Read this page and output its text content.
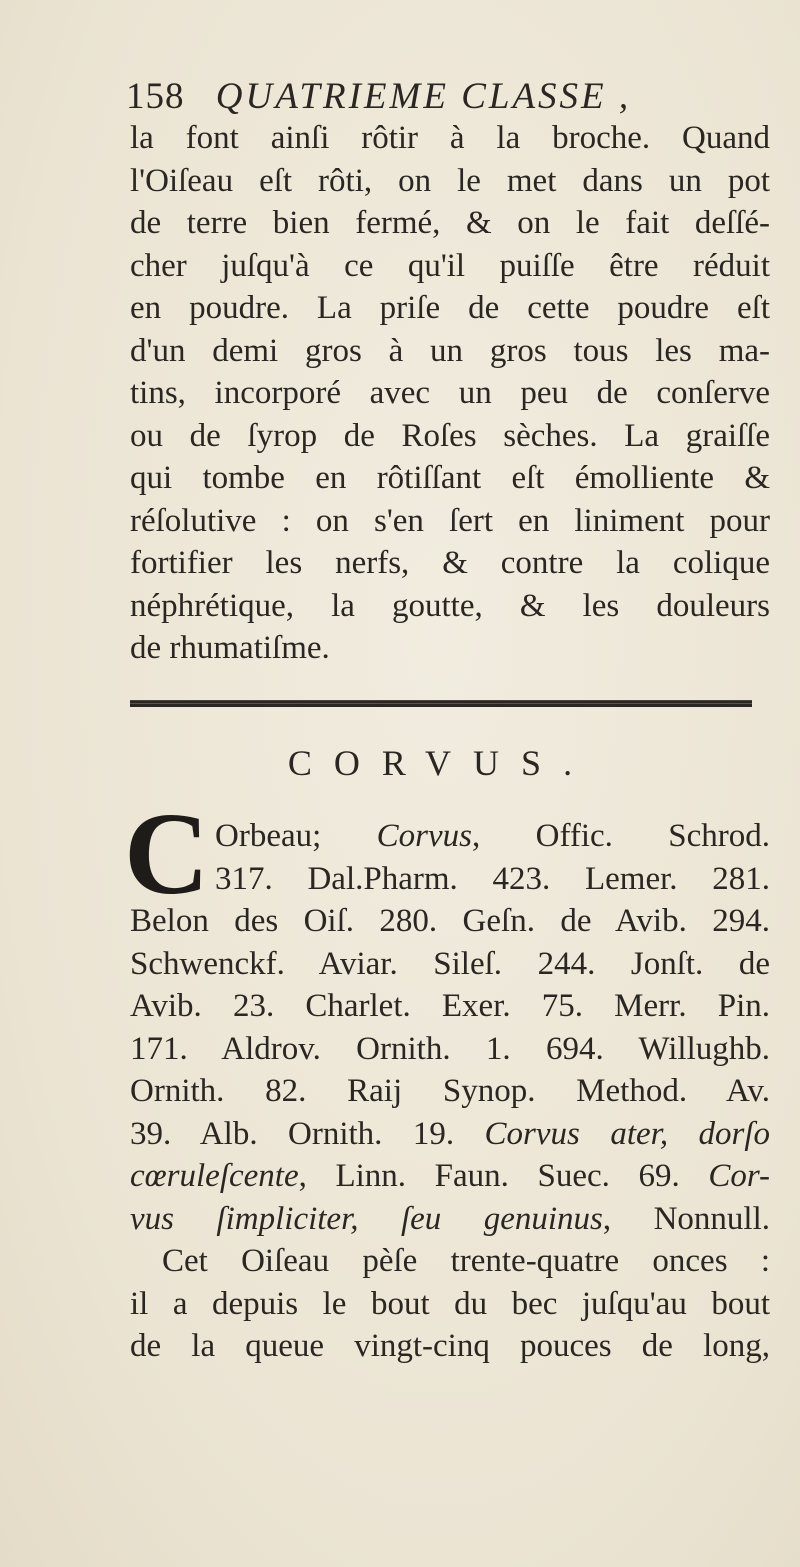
158 QUATRIEME CLASSE ,
la font ainſi rôtir à la broche. Quand
l'Oiſeau eſt rôti, on le met dans un pot
de terre bien fermé, & on le fait deſſé-
cher juſqu'à ce qu'il puiſſe être réduit
en poudre. La priſe de cette poudre eſt
d'un demi gros à un gros tous les ma-
tins, incorporé avec un peu de conſerve
ou de ſyrop de Roſes sèches. La graiſſe
qui tombe en rôtiſſant eſt émolliente &
réſolutive : on s'en ſert en liniment pour
fortifier les nerfs, & contre la colique
néphrétique, la goutte, & les douleurs
de rhumatiſme.
CORVUS.
C Orbeau; Corvus, Offic. Schrod.
317. Dal.Pharm. 423. Lemer. 281.
Belon des Oiſ. 280. Geſn. de Avib. 294.
Schwenckf. Aviar. Sileſ. 244. Jonſt. de
Avib. 23. Charlet. Exer. 75. Merr. Pin.
171. Aldrov. Ornith. 1. 694. Willughb.
Ornith. 82. Raij Synop. Method. Av.
39. Alb. Ornith. 19. Corvus ater, dorſo
cœruleſcente, Linn. Faun. Suec. 69. Cor-
vus ſimpliciter, ſeu genuinus, Nonnull.
Cet Oiſeau pèſe trente-quatre onces :
il a depuis le bout du bec juſqu'au bout
de la queue vingt-cinq pouces de long,
